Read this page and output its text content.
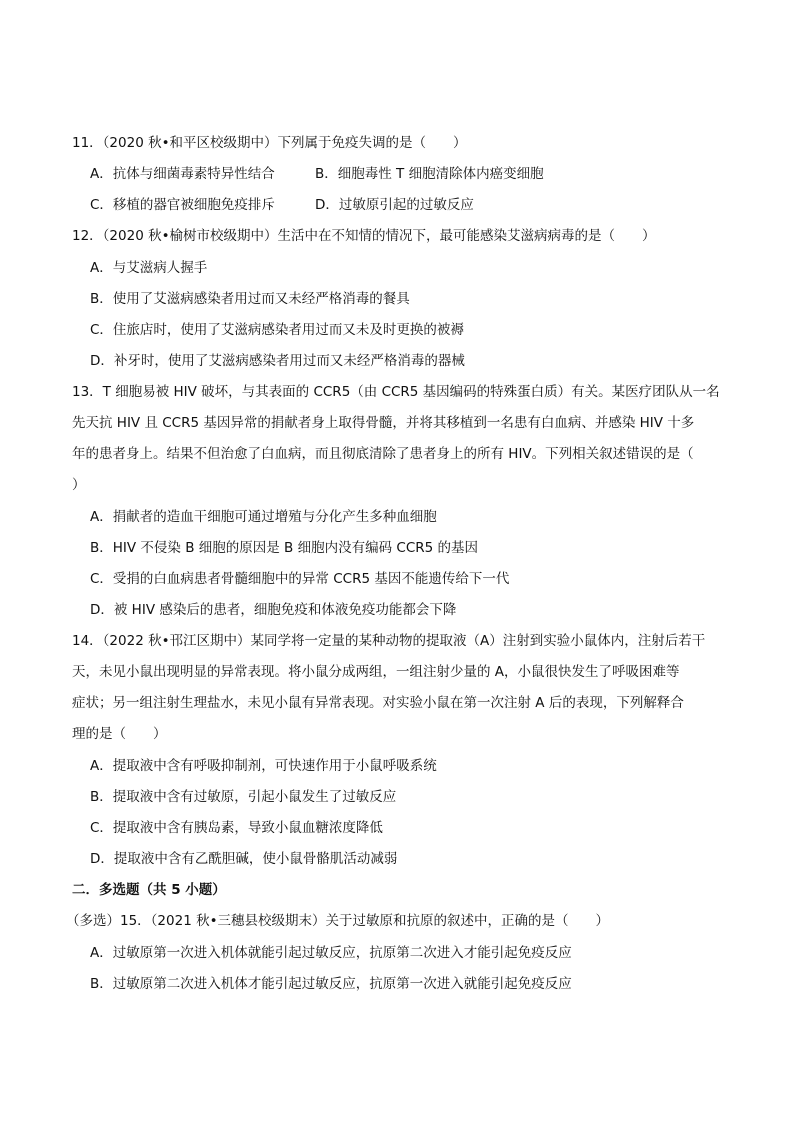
11．（2020 秋•和平区校级期中）下列属于免疫失调的是（　　）
A．抗体与细菌毒素特异性结合	B．细胞毒性 T 细胞清除体内癌变细胞
C．移植的器官被细胞免疫排斥	D．过敏原引起的过敏反应
12．（2020 秋•榆树市校级期中）生活中在不知情的情况下，最可能感染艾滋病病毒的是（　　）
A．与艾滋病人握手
B．使用了艾滋病感染者用过而又未经严格消毒的餐具
C．住旅店时，使用了艾滋病感染者用过而又未及时更换的被褥
D．补牙时，使用了艾滋病感染者用过而又未经严格消毒的器械
13．T 细胞易被 HIV 破坏，与其表面的 CCR5（由 CCR5 基因编码的特殊蛋白质）有关。某医疗团队从一名
先天抗 HIV 且 CCR5 基因异常的捐献者身上取得骨髓，并将其移植到一名患有白血病、并感染 HIV 十多
年的患者身上。结果不但治愈了白血病，而且彻底清除了患者身上的所有 HIV。下列相关叙述错误的是（
）
A．捐献者的造血干细胞可通过增殖与分化产生多种血细胞
B．HIV 不侵染 B 细胞的原因是 B 细胞内没有编码 CCR5 的基因
C．受捐的白血病患者骨髓细胞中的异常 CCR5 基因不能遗传给下一代
D．被 HIV 感染后的患者，细胞免疫和体液免疫功能都会下降
14．（2022 秋•邗江区期中）某同学将一定量的某种动物的提取液（A）注射到实验小鼠体内，注射后若干
天，未见小鼠出现明显的异常表现。将小鼠分成两组，一组注射少量的 A，小鼠很快发生了呼吸困难等
症状；另一组注射生理盐水，未见小鼠有异常表现。对实验小鼠在第一次注射 A 后的表现，下列解释合
理的是（　　）
A．提取液中含有呼吸抑制剂，可快速作用于小鼠呼吸系统
B．提取液中含有过敏原，引起小鼠发生了过敏反应
C．提取液中含有胰岛素，导致小鼠血糖浓度降低
D．提取液中含有乙酰胆碱，使小鼠骨骼肌活动减弱
二．多选题（共 5 小题）
（多选）15．（2021 秋•三穗县校级期末）关于过敏原和抗原的叙述中，正确的是（　　）
A．过敏原第一次进入机体就能引起过敏反应，抗原第二次进入才能引起免疫反应
B．过敏原第二次进入机体才能引起过敏反应，抗原第一次进入就能引起免疫反应
